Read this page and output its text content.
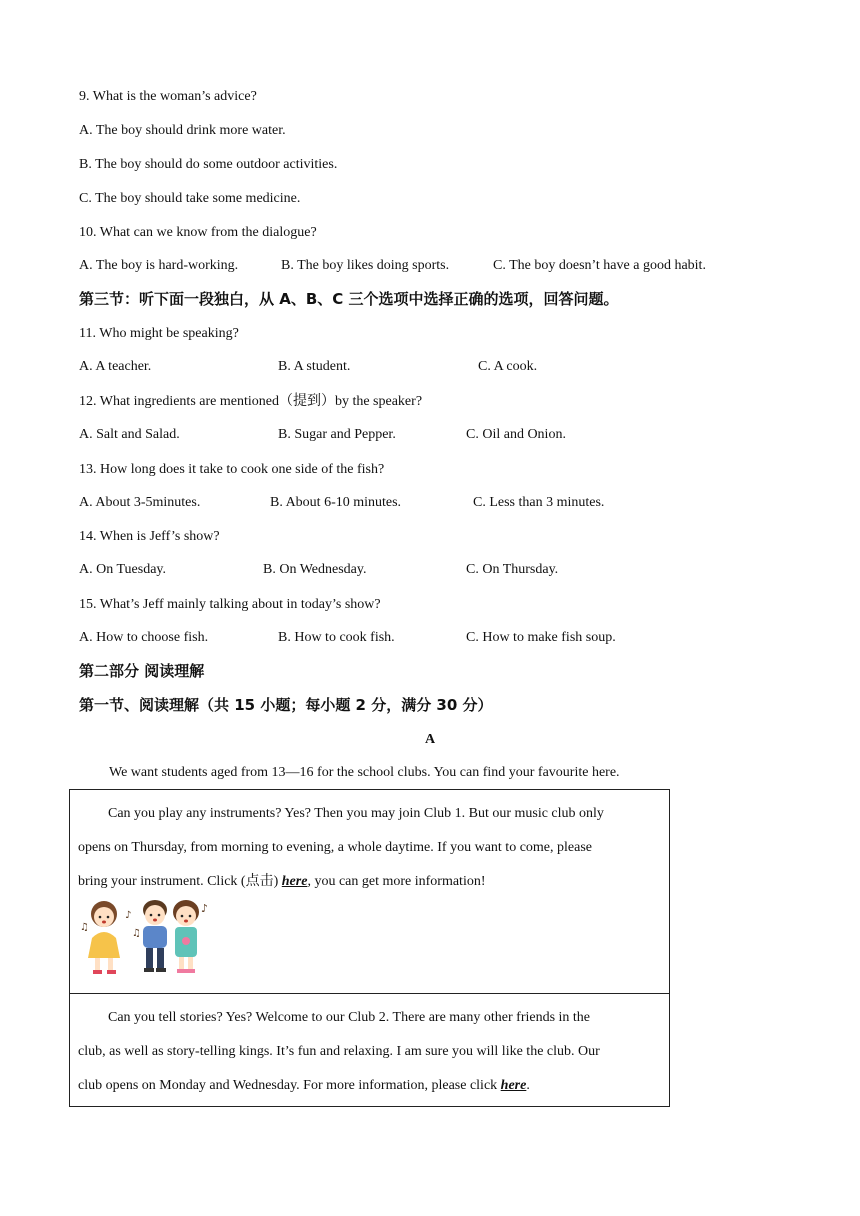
9. What is the woman’s advice?
A. The boy should drink more water.
B. The boy should do some outdoor activities.
C. The boy should take some medicine.
10. What can we know from the dialogue?
A. The boy is hard-working.	B. The boy likes doing sports.	C. The boy doesn’t have a good habit.
第三节：听下面一段独白，从 A、B、C 三个选项中选择正确的选项，回答问题。
11. Who might be speaking?
A. A teacher.	B. A student.	C. A cook.
12. What ingredients are mentioned（提到）by the speaker?
A. Salt and Salad.	B. Sugar and Pepper.	C. Oil and Onion.
13. How long does it take to cook one side of the fish?
A. About 3-5minutes.	B. About 6-10 minutes.	C. Less than 3 minutes.
14. When is Jeff’s show?
A. On Tuesday.	B. On Wednesday.	C. On Thursday.
15. What’s Jeff mainly talking about in today’s show?
A. How to choose fish.	B. How to cook fish.	C. How to make fish soup.
第二部分 阅读理解
第一节、阅读理解（共 15 小题；每小题 2 分，满分 30 分）
A
We want students aged from 13—16 for the school clubs. You can find your favourite here.

Can you play any instruments? Yes? Then you may join Club 1. But our music club only

opens on Thursday, from morning to evening, a whole daytime. If you want to come, please

bring your instrument. Click (点击) here, you can get more information!

♪
♫
♪
♫

Can you tell stories? Yes? Welcome to our Club 2. There are many other friends in the

club, as well as story-telling kings. It’s fun and relaxing. I am sure you will like the club. Our

club opens on Monday and Wednesday. For more information, please click here.
